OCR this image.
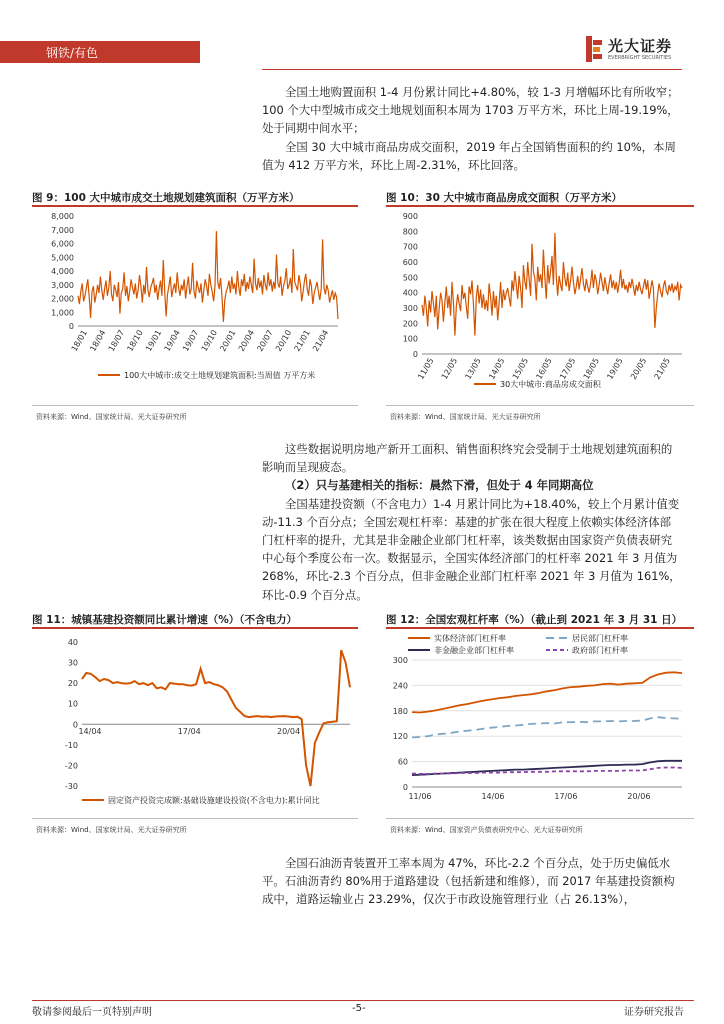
钢铁/有色	光大证券
EVERBRIGHT SECURITIES

全国土地购置面积 1-4 月份累计同比+4.80%，较 1-3 月增幅环比有所收窄；

100 个大中型城市成交土地规划面积本周为 1703 万平方米，环比上周-19.19%，处于同期中间水平；

全国 30 大中城市商品房成交面积，2019 年占全国销售面积的约 10%，本周值为 412 万平方米，环比上周-2.31%，环比回落。

图 9：100 大中城市成交土地规划建筑面积（万平方米）
8,000
7,000
6,000
5,000
4,000
3,000
2,000
1,000
0
18/01 18/04 18/07 18/10 19/01 19/04 19/07 19/10 20/01 20/04 20/07 20/10 21/01 21/04
100大中城市:成交土地规划建筑面积:当周值 万平方米
资料来源：Wind、国家统计局、光大证券研究所
图 10：30 大中城市商品房成交面积（万平方米）
900
800
700
600
500
400
300
200
100
0
11/05 12/05 13/05 14/05 15/05 16/05 17/05 18/05 19/05 20/05 21/05
30大中城市:商品房成交面积
资料来源：Wind、国家统计局、光大证券研究所

这些数据说明房地产新开工面积、销售面积终究会受制于土地规划建筑面积的影响而呈现疲态。

（2）只与基建相关的指标：晨然下滑，但处于 4 年同期高位

全国基建投资额（不含电力）1-4 月累计同比为+18.40%，较上个月累计值变动-11.3 个百分点；全国宏观杠杆率：基建的扩张在很大程度上依赖实体经济体部门杠杆率的提升，尤其是非金融企业部门杠杆率，该类数据由国家资产负债表研究中心每个季度公布一次。数据显示，全国实体经济部门的杠杆率 2021 年 3 月值为 268%，环比-2.3 个百分点，但非金融企业部门杠杆率 2021 年 3 月值为 161%，环比-0.9 个百分点。

图 11：城镇基建投资额同比累计增速（%）（不含电力）
40
30
20
10
0
-10
-20
-30
14/04	17/04	20/04
固定资产投资完成额:基础设施建设投资(不含电力):累计同比
资料来源：Wind、国家统计局、光大证券研究所
图 12：全国宏观杠杆率（%）（截止到 2021 年 3 月 31 日）
300
240
180
120
60
0
11/06	14/06	17/06	20/06
实体经济部门杠杆率	居民部门杠杆率
非金融企业部门杠杆率	政府部门杠杆率
资料来源：Wind、国家资产负债表研究中心、光大证券研究所

全国石油沥青装置开工率本周为 47%，环比-2.2 个百分点，处于历史偏低水平。石油沥青约 80%用于道路建设（包括新建和维修），而 2017 年基建投资额构成中，道路运输业占 23.29%，仅次于市政设施管理行业（占 26.13%），

敬请参阅最后一页特别声明	-5-	证券研究报告
